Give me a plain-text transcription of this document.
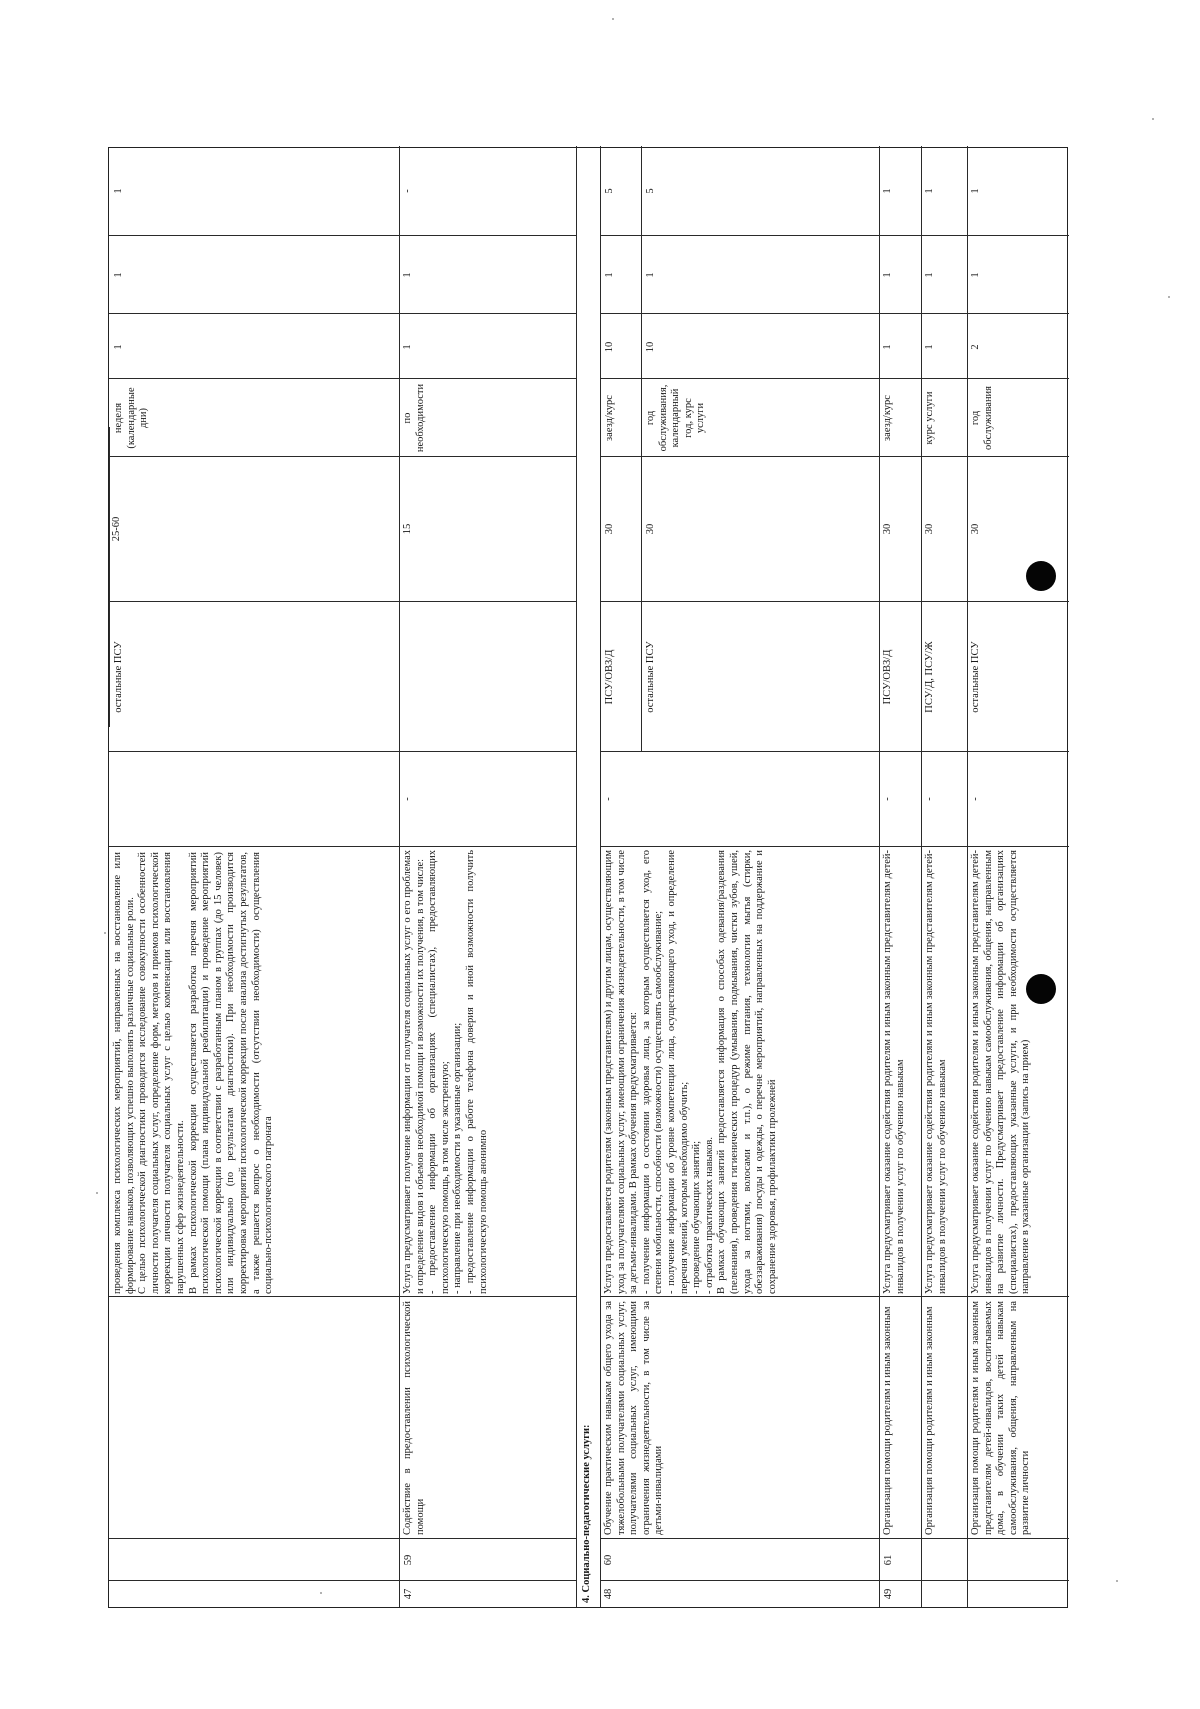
проведения комплекса психологических мероприятий, направленных на восстановление или формирование навыков, позволяющих успешно выполнять различные социальные роли.
С целью психологической диагностики проводится исследование совокупности особенностей личности получателя социальных услуг, определение форм, методов и приемов психологической коррекции личности получателя социальных услуг с целью компенсации или восстановления нарушенных сфер жизнедеятельности.
В рамках психологической коррекции осуществляется разработка перечня мероприятий психологической помощи (плана индивидуальной реабилитации) и проведение мероприятий психологической коррекции в соответствии с разработанным планом в группах (до 15 человек) или индивидуально (по результатам диагностики). При необходимости производится корректировка мероприятий психологической коррекции после анализа достигнутых результатов, а также решается вопрос о необходимости (отсутствии необходимости) осуществления социально-психологического патроната
остальные ПСУ
25-60
неделя (календарные дни)
1
1
1
47
59
Содействие в предоставлении психологической помощи
Услуга предусматривает получение информации от получателя социальных услуг о его проблемах и определение видов и объемов необходимой помощи и возможности их получения, в том числе:
- предоставление информации об организациях (специалистах), предоставляющих психологическую помощь, в том числе экстренную;
- направление при необходимости в указанные организации;
- предоставление информации о работе телефона доверия и иной возможности получить психологическую помощь анонимно
-
15
по необходимости
1
1
-
4. Социально-педагогические услуги: 48
60
Обучение практическим навыкам общего ухода за тяжелобольными получателями социальных услуг, получателями социальных услуг, имеющими ограничения жизнедеятельности, в том числе за детьми-инвалидами
Услуга предоставляется родителям (законным представителям) и другим лицам, осуществляющим уход за получателями социальных услуг, имеющими ограничения жизнедеятельности, в том числе за детьми-инвалидами. В рамках обучения предусматривается:
- получение информации о состоянии здоровья лица, за которым осуществляется уход, его степени мобильности, способности (возможности) осуществлять самообслуживание;
- получение информации об уровне компетенции лица, осуществляющего уход, и определение перечня умений, которым необходимо обучить;
- проведение обучающих занятий;
- отработка практических навыков.
В рамках обучающих занятий предоставляется информация о способах одевания/раздевания (пеленания), проведения гигиенических процедур (умывания, подмывания, чистки зубов, ушей, ухода за ногтями, волосами и т.п.), о режиме питания, технологии мытья (стирки, обеззараживания) посуды и одежды, о перечне мероприятий, направленных на поддержание и сохранение здоровья, профилактики пролежней
-
ПСУ/ОВЗ/Д
30
заезд/курс
10
1
5
остальные ПСУ
30
год обслуживания, календарный год, курс услуги
10
1
5
49
61
Организация помощи родителям и иным законным
Услуга предусматривает оказание содействия родителям и иным законным представителям детей-инвалидов в получении услуг по обучению навыкам
-
ПСУ/ОВЗ/Д
30
заезд/курс
1
1
1
Организация помощи родителям и иным законным
Услуга предусматривает оказание содействия родителям и иным законным представителям детей-инвалидов в получении услуг по обучению навыкам
-
ПСУ/Д, ПСУ/Ж
30
курс услуги
1
1
1
Организация помощи родителям и иным законным представителям детей-инвалидов, воспитываемых дома, в обучении таких детей навыкам самообслуживания, общения, направленным на развитие личности
Услуга предусматривает оказание содействия родителям и иным законным представителям детей-инвалидов в получении услуг по обучению навыкам самообслуживания, общения, направленным на развитие личности. Предусматривает предоставление информации об организациях (специалистах), предоставляющих указанные услуги, и при необходимости осуществляется направление в указанные организации (запись на прием)
-
остальные ПСУ
30
год обслуживания
2
1
1
